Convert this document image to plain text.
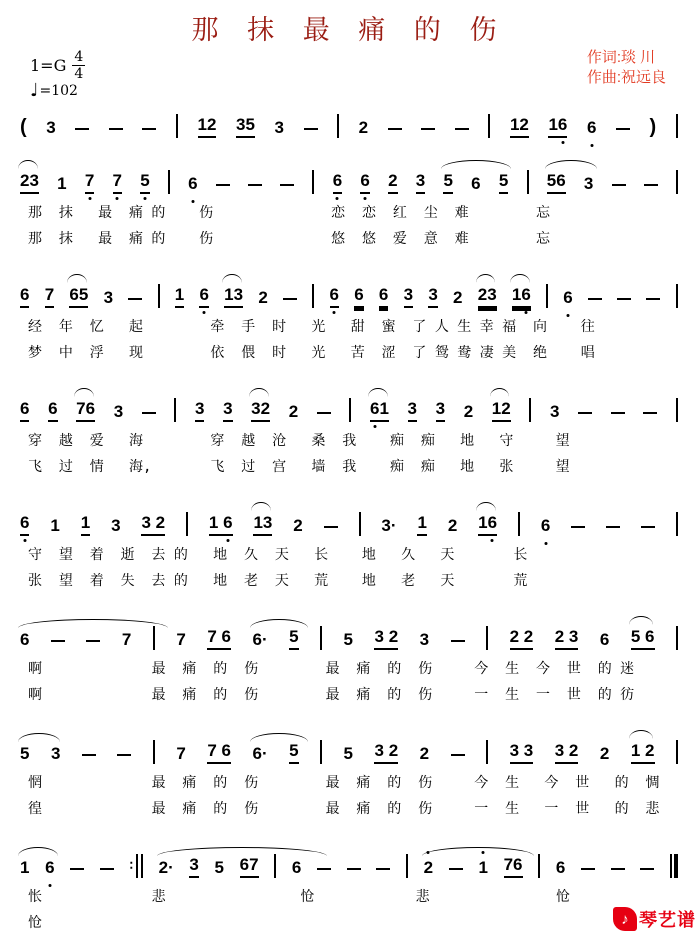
那 抹 最 痛 的 伤
$1=G \frac{4}{4}$
♩ =102
作词:琰 川
作曲:祝远良
( 3	12 35 3	2	12 16 6	)
23 1 7 7 5 6	6 6 2 3 5 6 5 56 3
那  抹   最  痛 的    伤              恋  恋  红  尘  难        忘
那  抹   最  痛 的    伤              悠  悠  爱  意  难        忘
6 7 65 3	1 6 13 2	6 6 6 3 3 2 23 16 6
经  年  忆   起        牵  手  时   光   甜  蜜  了 人 生 幸 福  向    往
梦  中  浮   现        依  偎  时   光   苦  涩  了 鸳 鸯 凄 美  绝    唱
6 6 76 3	3 3 32 2	6
1 3 3 2 12 3
穿  越  爱   海        穿  越  沧   桑  我    痴  痴   地   守     望
飞  过  情   海,       飞  过  宫   墙  我    痴  痴   地   张     望
6 1 1 3 3 2	1 6 13 2	3· 1 2 16	6
守  望  着  逝  去 的   地  久  天   长    地   久   天       长
张  望  着  失  去 的   地  老  天   荒    地   老   天       荒
6	7	7 7 6 6· 5	5 3 2 3	2 2 2 3 6 5 6
啊             最  痛  的  伤        最  痛  的  伤     今  生  今  世  的 迷
啊             最  痛  的  伤        最  痛  的  伤     一  生  一  世  的 彷
5 3	7 7 6 6· 5	5 3 2 2	3 3 3 2 2 1 2
惘             最  痛  的  伤        最  痛  的  伤     今  生   今  世   的  惆
徨             最  痛  的  伤        最  痛  的  伤     一  生   一  世   的  悲
1 6	∶ 2· 3 5 67 6	2	1 76 6
怅             悲                怆            悲               怆
怆	♪ 琴艺谱
